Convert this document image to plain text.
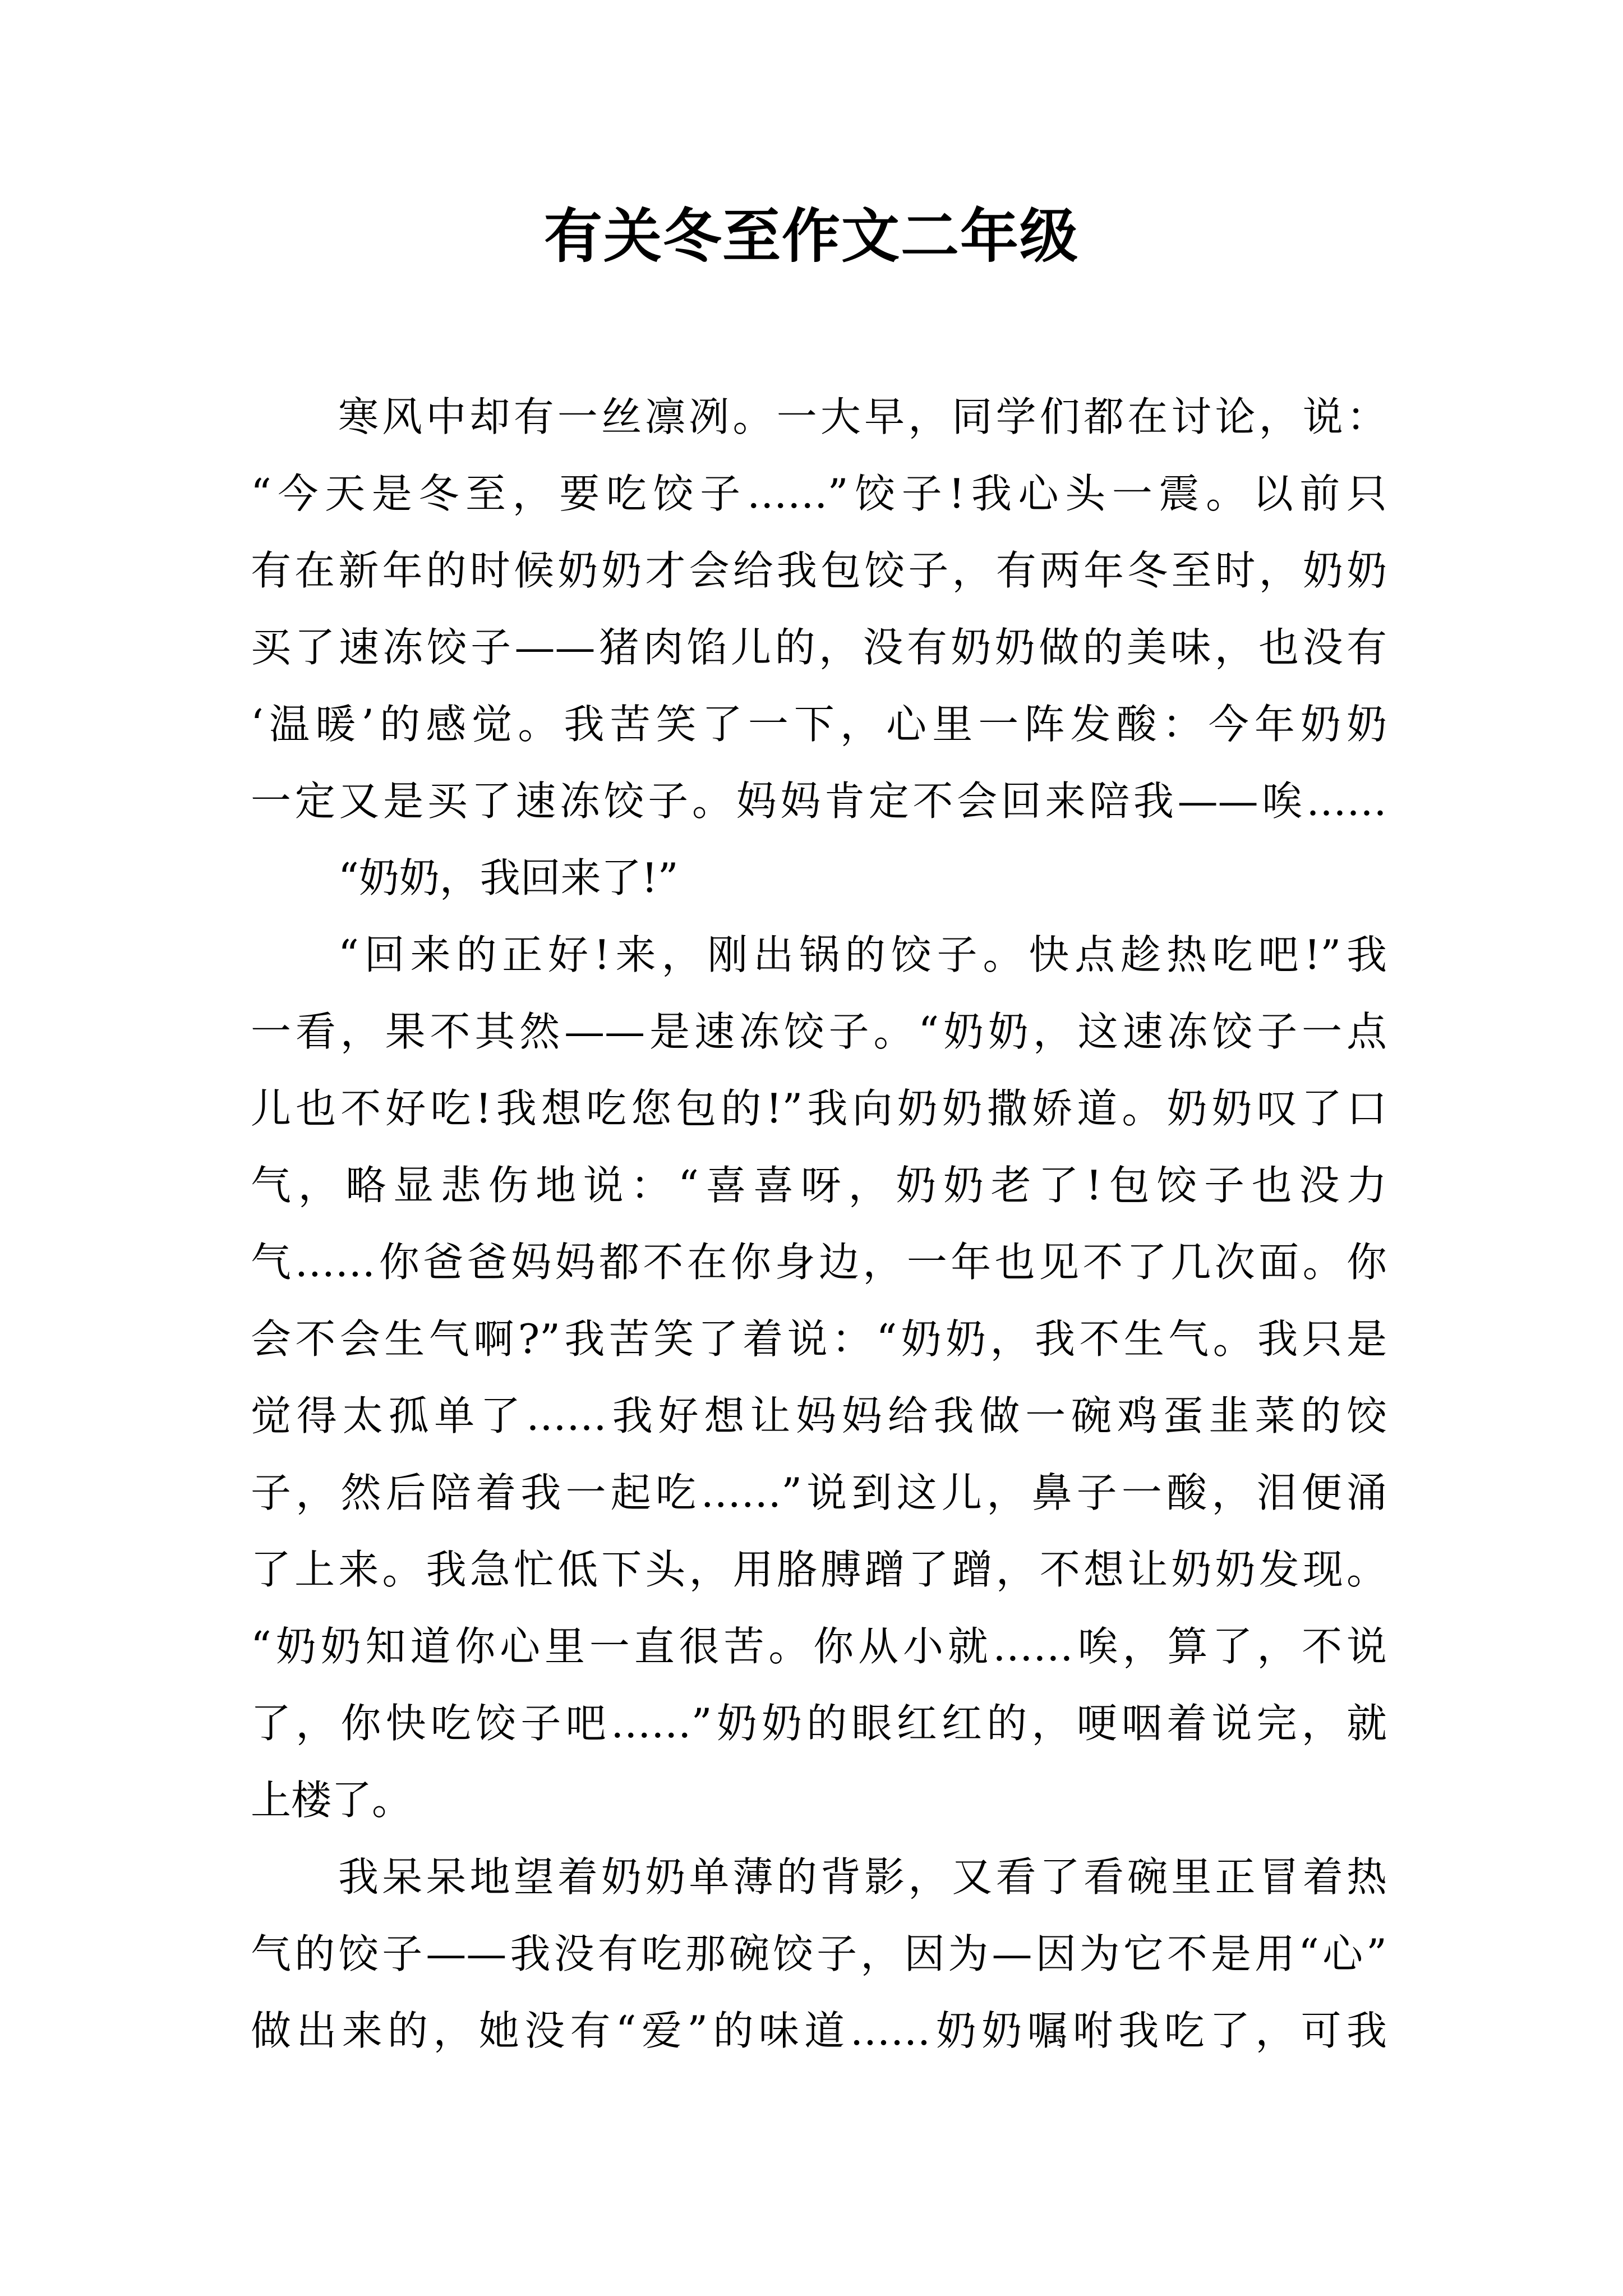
有关冬至作文二年级
寒风中却有一丝凛冽。一大早，同学们都在讨论，说：
“今天是冬至，要吃饺子……”饺子!我心头一震。以前只
有在新年的时候奶奶才会给我包饺子，有两年冬至时，奶奶
买了速冻饺子——猪肉馅儿的，没有奶奶做的美味，也没有
‘温暖’的感觉。我苦笑了一下，心里一阵发酸：今年奶奶
一定又是买了速冻饺子。妈妈肯定不会回来陪我——唉……
“奶奶，我回来了!”
“回来的正好!来，刚出锅的饺子。快点趁热吃吧!”我
一看，果不其然——是速冻饺子。“奶奶，这速冻饺子一点
儿也不好吃!我想吃您包的!”我向奶奶撒娇道。奶奶叹了口
气，略显悲伤地说：“喜喜呀，奶奶老了!包饺子也没力
气……你爸爸妈妈都不在你身边，一年也见不了几次面。你
会不会生气啊?”我苦笑了着说：“奶奶，我不生气。我只是
觉得太孤单了……我好想让妈妈给我做一碗鸡蛋韭菜的饺
子，然后陪着我一起吃……”说到这儿，鼻子一酸，泪便涌
了上来。我急忙低下头，用胳膊蹭了蹭，不想让奶奶发现。
“奶奶知道你心里一直很苦。你从小就……唉，算了，不说
了，你快吃饺子吧……”奶奶的眼红红的，哽咽着说完，就
上楼了。
我呆呆地望着奶奶单薄的背影，又看了看碗里正冒着热
气的饺子——我没有吃那碗饺子，因为—因为它不是用“心”
做出来的，她没有“爱”的味道……奶奶嘱咐我吃了，可我
